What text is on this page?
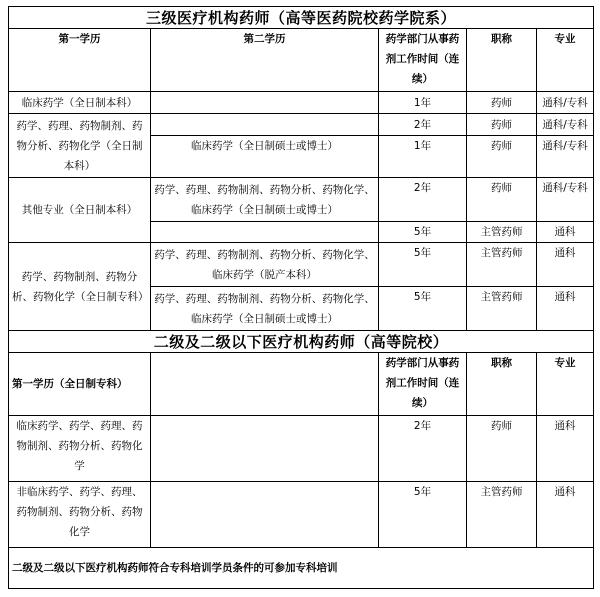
三级医疗机构药师（高等医药院校药学院系）				
第一学历	第二学历	药学部门从事药剂工作时间（连续）	职称	专业
临床药学（全日制本科）		1年	药师	通科/专科
药学、药理、药物制剂、药物分析、药物化学（全日制本科）		2年	药师	通科/专科
	临床药学（全日制硕士或博士）	1年	药师	通科/专科
其他专业（全日制本科）	药学、药理、药物制剂、药物分析、药物化学、临床药学（全日制硕士或博士）	2年	药师	通科/专科
		5年	主管药师	通科
药学、药物制剂、药物分析、药物化学（全日制专科）	药学、药理、药物制剂、药物分析、药物化学、临床药学（脱产本科）	5年	主管药师	通科
	药学、药理、药物制剂、药物分析、药物化学、临床药学（全日制硕士或博士）	5年	主管药师	通科
二级及二级以下医疗机构药师（高等院校）				
第一学历（全日制专科）		药学部门从事药剂工作时间（连续）	职称	专业
临床药学、药学、药理、药物制剂、药物分析、药物化学		2年	药师	通科
非临床药学、药学、药理、药物制剂、药物分析、药物化学		5年	主管药师	通科
二级及二级以下医疗机构药师符合专科培训学员条件的可参加专科培训				
